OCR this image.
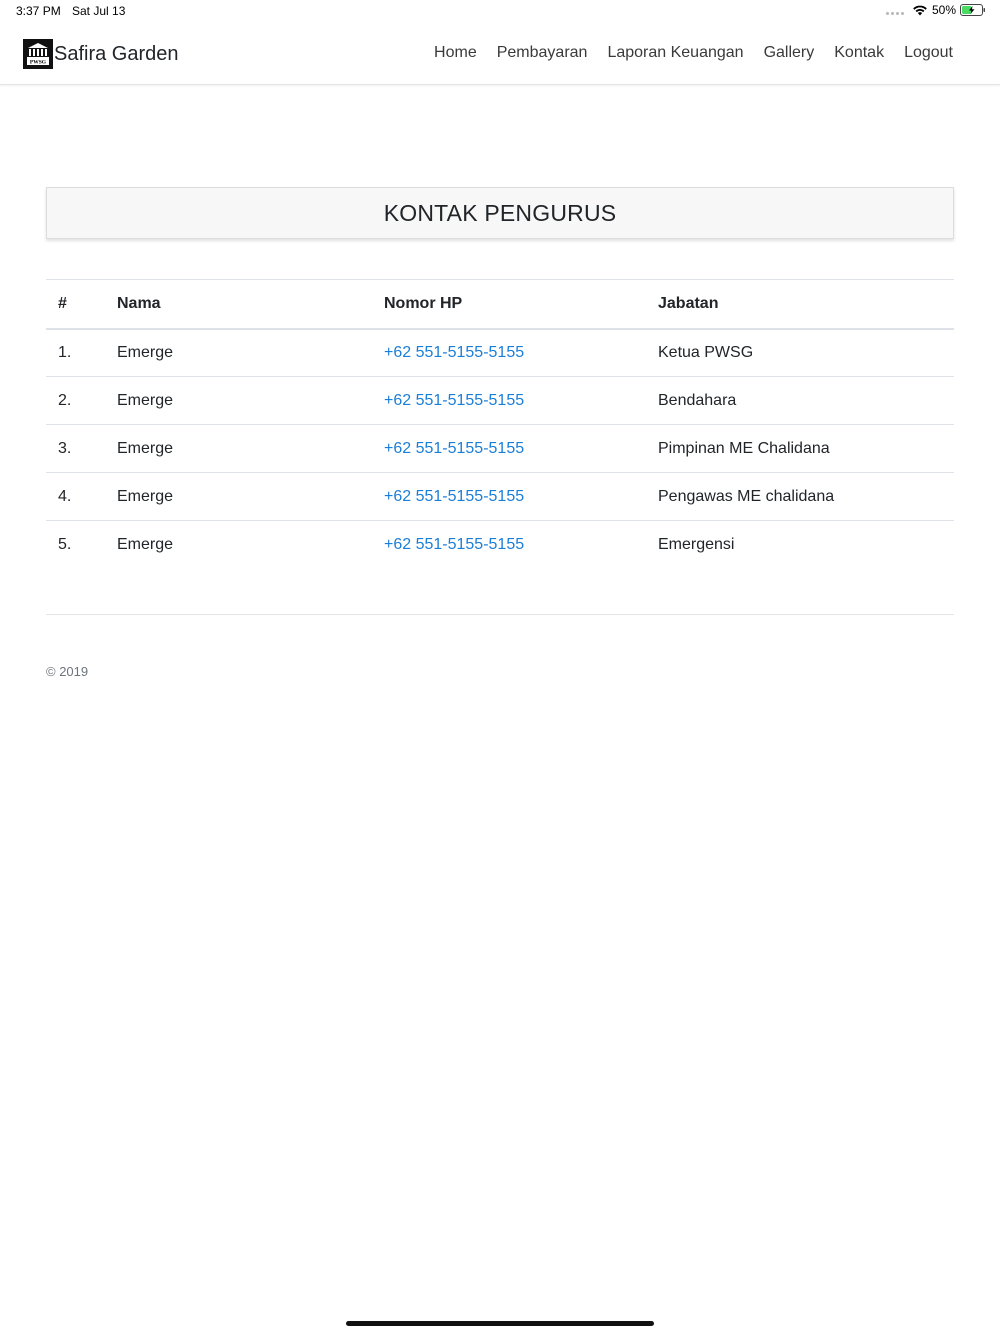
3:37 PM Sat Jul 13	50%
PWSG Safira Garden	Home Pembayaran Laporan Keuangan Gallery Kontak Logout
KONTAK PENGURUS
#	Nama	Nomor HP	Jabatan
1.	Emerge	+62 551-5155-5155	Ketua PWSG
2.	Emerge	+62 551-5155-5155	Bendahara
3.	Emerge	+62 551-5155-5155	Pimpinan ME Chalidana
4.	Emerge	+62 551-5155-5155	Pengawas ME chalidana
5.	Emerge	+62 551-5155-5155	Emergensi
© 2019
